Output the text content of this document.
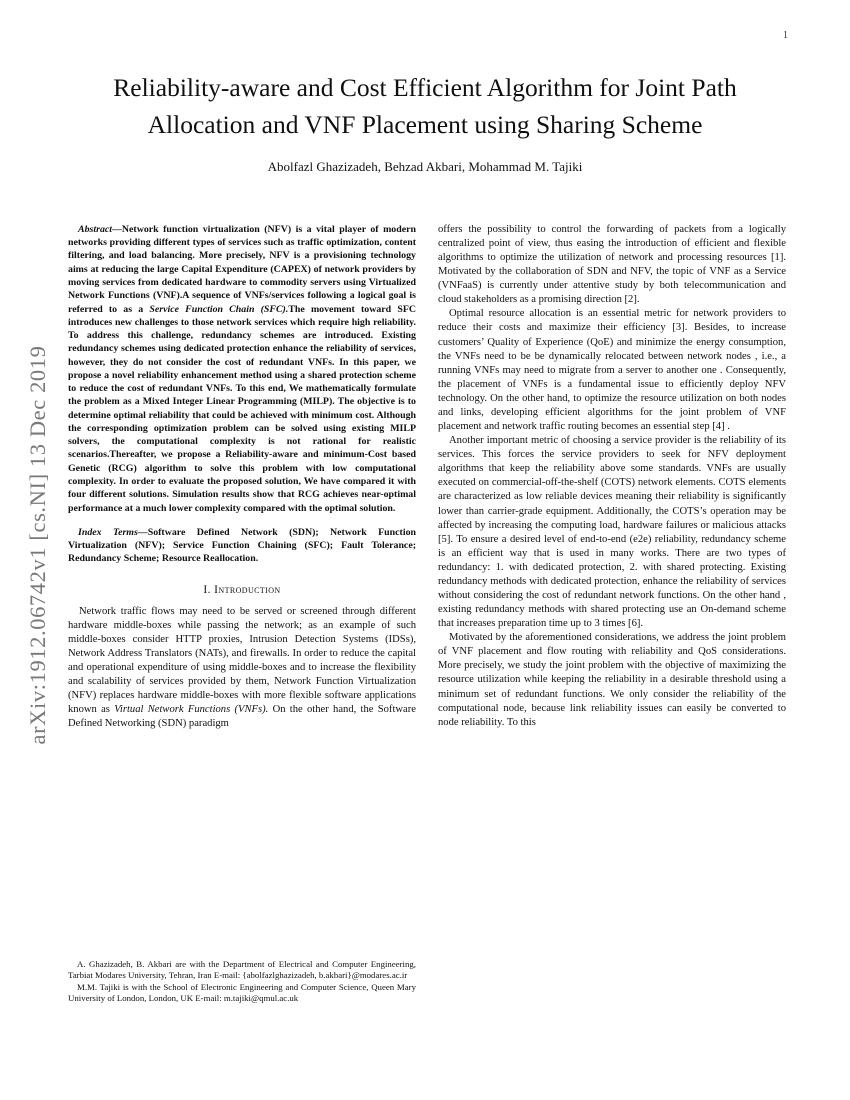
1
arXiv:1912.06742v1 [cs.NI] 13 Dec 2019
Reliability-aware and Cost Efficient Algorithm for Joint Path Allocation and VNF Placement using Sharing Scheme
Abolfazl Ghazizadeh, Behzad Akbari, Mohammad M. Tajiki

Abstract—Network function virtualization (NFV) is a vital player of modern networks providing different types of services such as traffic optimization, content filtering, and load balancing. More precisely, NFV is a provisioning technology aims at reducing the large Capital Expenditure (CAPEX) of network providers by moving services from dedicated hardware to commodity servers using Virtualized Network Functions (VNF).A sequence of VNFs/services following a logical goal is referred to as a Service Function Chain (SFC).The movement toward SFC introduces new challenges to those network services which require high reliability. To address this challenge, redundancy schemes are introduced. Existing redundancy schemes using dedicated protection enhance the reliability of services, however, they do not consider the cost of redundant VNFs. In this paper, we propose a novel reliability enhancement method using a shared protection scheme to reduce the cost of redundant VNFs. To this end, We mathematically formulate the problem as a Mixed Integer Linear Programming (MILP). The objective is to determine optimal reliability that could be achieved with minimum cost. Although the corresponding optimization problem can be solved using existing MILP solvers, the computational complexity is not rational for realistic scenarios.Thereafter, we propose a Reliability-aware and minimum-Cost based Genetic (RCG) algorithm to solve this problem with low computational complexity. In order to evaluate the proposed solution, We have compared it with four different solutions. Simulation results show that RCG achieves near-optimal performance at a much lower complexity compared with the optimal solution.

Index Terms—Software Defined Network (SDN); Network Function Virtualization (NFV); Service Function Chaining (SFC); Fault Tolerance; Redundancy Scheme; Resource Reallocation.

I. Introduction

Network traffic flows may need to be served or screened through different hardware middle-boxes while passing the network; as an example of such middle-boxes consider HTTP proxies, Intrusion Detection Systems (IDSs), Network Address Translators (NATs), and firewalls. In order to reduce the capital and operational expenditure of using middle-boxes and to increase the flexibility and scalability of services provided by them, Network Function Virtualization (NFV) replaces hardware middle-boxes with more flexible software applications known as Virtual Network Functions (VNFs). On the other hand, the Software Defined Networking (SDN) paradigm

A. Ghazizadeh, B. Akbari are with the Department of Electrical and Computer Engineering, Tarbiat Modares University, Tehran, Iran E-mail: {abolfazlghazizadeh, b.akbari}@modares.ac.ir

M.M. Tajiki is with the School of Electronic Engineering and Computer Science, Queen Mary University of London, London, UK E-mail: m.tajiki@qmul.ac.uk

offers the possibility to control the forwarding of packets from a logically centralized point of view, thus easing the introduction of efficient and flexible algorithms to optimize the utilization of network and processing resources [1]. Motivated by the collaboration of SDN and NFV, the topic of VNF as a Service (VNFaaS) is currently under attentive study by both telecommunication and cloud stakeholders as a promising direction [2].

Optimal resource allocation is an essential metric for network providers to reduce their costs and maximize their efficiency [3]. Besides, to increase customers’ Quality of Experience (QoE) and minimize the energy consumption, the VNFs need to be be dynamically relocated between network nodes , i.e., a running VNFs may need to migrate from a server to another one . Consequently, the placement of VNFs is a fundamental issue to efficiently deploy NFV technology. On the other hand, to optimize the resource utilization on both nodes and links, developing efficient algorithms for the joint problem of VNF placement and network traffic routing becomes an essential step [4] .

Another important metric of choosing a service provider is the reliability of its services. This forces the service providers to seek for NFV deployment algorithms that keep the reliability above some standards. VNFs are usually executed on commercial-off-the-shelf (COTS) network elements. COTS elements are characterized as low reliable devices meaning their reliability is significantly lower than carrier-grade equipment. Additionally, the COTS’s operation may be affected by increasing the computing load, hardware failures or malicious attacks [5]. To ensure a desired level of end-to-end (e2e) reliability, redundancy scheme is an efficient way that is used in many works. There are two types of redundancy: 1. with dedicated protection, 2. with shared protecting. Existing redundancy methods with dedicated protection, enhance the reliability of services without considering the cost of redundant network functions. On the other hand , existing redundancy methods with shared protecting use an On-demand scheme that increases preparation time up to 3 times [6].

Motivated by the aforementioned considerations, we address the joint problem of VNF placement and flow routing with reliability and QoS considerations. More precisely, we study the joint problem with the objective of maximizing the resource utilization while keeping the reliability in a desirable threshold using a minimum set of redundant functions. We only consider the reliability of the computational node, because link reliability issues can easily be converted to node reliability. To this
